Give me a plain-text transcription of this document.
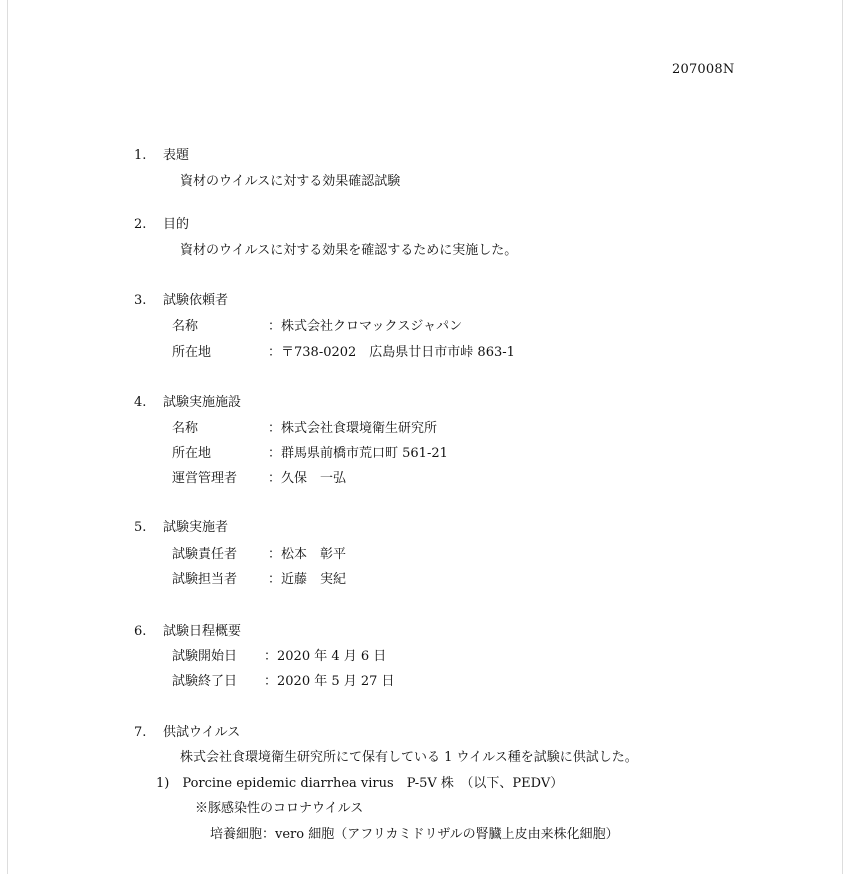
207008N
1.	表題
資材のウイルスに対する効果確認試験
2.	目的
資材のウイルスに対する効果を確認するために実施した。
3.	試験依頼者
名称	：株式会社クロマックスジャパン
所在地	：〒738-0202　広島県廿日市市峠 863-1
4.	試験実施施設
名称	：株式会社食環境衛生研究所
所在地	：群馬県前橋市荒口町 561-21
運営管理者 ：久保　一弘
5.	試験実施者
試験責任者 ：松本　彰平
試験担当者 ：近藤　実紀
6.	試験日程概要
試験開始日 ：2020 年 4 月 6 日
試験終了日 ：2020 年 5 月 27 日
7.	供試ウイルス
株式会社食環境衛生研究所にて保有している 1 ウイルス種を試験に供試した。
1)　Porcine epidemic diarrhea virus　P-5V 株　（以下、PEDV）
※豚感染性のコロナウイルス
培養細胞：vero 細胞（アフリカミドリザルの腎臓上皮由来株化細胞）
